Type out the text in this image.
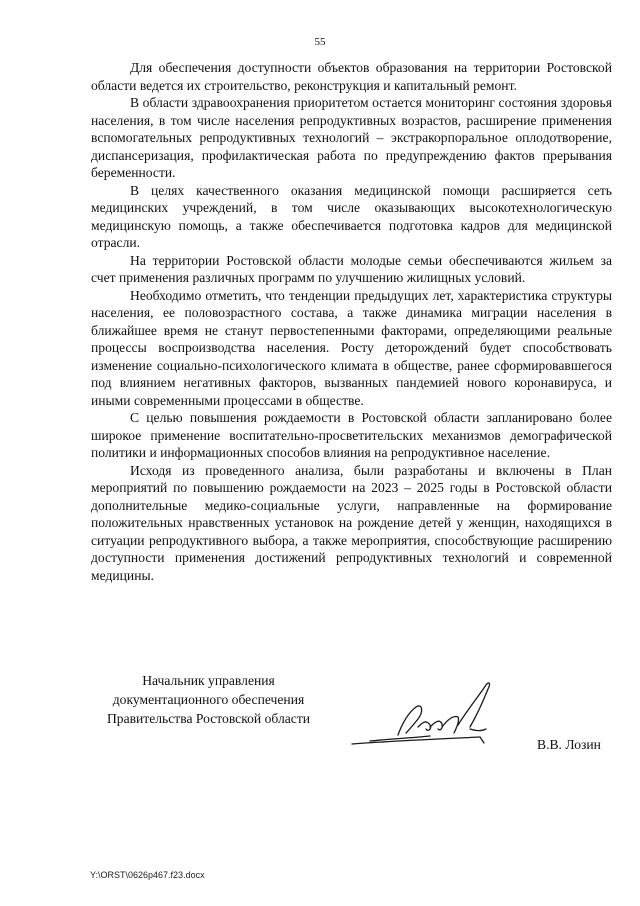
55

Для обеспечения доступности объектов образования на территории Ростовской области ведется их строительство, реконструкция и капитальный ремонт.

В области здравоохранения приоритетом остается мониторинг состояния здоровья населения, в том числе населения репродуктивных возрастов, расширение применения вспомогательных репродуктивных технологий – экстракорпоральное оплодотворение, диспансеризация, профилактическая работа по предупреждению фактов прерывания беременности.

В целях качественного оказания медицинской помощи расширяется сеть медицинских учреждений, в том числе оказывающих высокотехнологическую медицинскую помощь, а также обеспечивается подготовка кадров для медицинской отрасли.

На территории Ростовской области молодые семьи обеспечиваются жильем за счет применения различных программ по улучшению жилищных условий.

Необходимо отметить, что тенденции предыдущих лет, характеристика структуры населения, ее половозрастного состава, а также динамика миграции населения в ближайшее время не станут первостепенными факторами, определяющими реальные процессы воспроизводства населения. Росту деторождений будет способствовать изменение социально-психологического климата в обществе, ранее сформировавшегося под влиянием негативных факторов, вызванных пандемией нового коронавируса, и иными современными процессами в обществе.

С целью повышения рождаемости в Ростовской области запланировано более широкое применение воспитательно-просветительских механизмов демографической политики и информационных способов влияния на репродуктивное население.

Исходя из проведенного анализа, были разработаны и включены в План мероприятий по повышению рождаемости на 2023 – 2025 годы в Ростовской области дополнительные медико-социальные услуги, направленные на формирование положительных нравственных установок на рождение детей у женщин, находящихся в ситуации репродуктивного выбора, а также мероприятия, способствующие расширению доступности применения достижений репродуктивных технологий и современной медицины.

Начальник управления
документационного обеспечения
Правительства Ростовской области
В.В. Лозин
Y:\ORST\0626p467.f23.docx
